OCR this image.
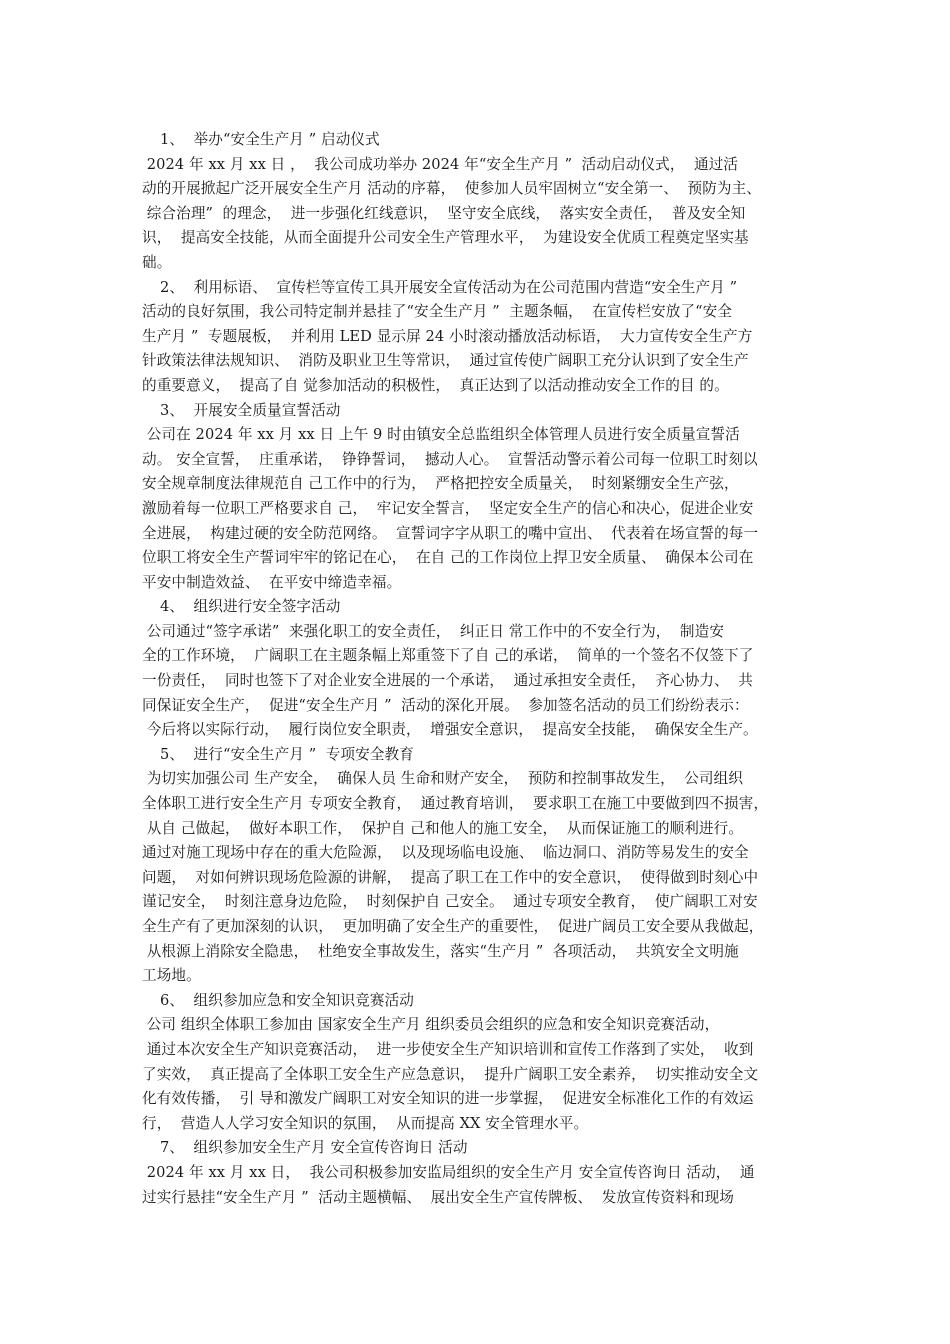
1、  举办“安全生产月 ” 启动仪式
2024 年 xx 月 xx 日 ，  我公司成功举办 2024 年“安全生产月 ”  活动启动仪式，  通过活
动的开展掀起广泛开展安全生产月 活动的序幕，  使参加人员牢固树立“安全第一、  预防为主、
综合治理”  的理念，  进一步强化红线意识，  坚守安全底线，  落实安全责任，  普及安全知
识，  提高安全技能，从而全面提升公司安全生产管理水平，  为建设安全优质工程奠定坚实基
础。
2、  利用标语、  宣传栏等宣传工具开展安全宣传活动为在公司范围内营造“安全生产月 ”
活动的良好氛围，我公司特定制并悬挂了“安全生产月 ”  主题条幅，  在宣传栏安放了“安全
生产月 ”  专题展板，  并利用 LED 显示屏 24 小时滚动播放活动标语，  大力宣传安全生产方
针政策法律法规知识、  消防及职业卫生等常识，  通过宣传使广阔职工充分认识到了安全生产
的重要意义，  提高了自 觉参加活动的积极性，  真正达到了以活动推动安全工作的目 的。
3、  开展安全质量宣誓活动
公司在 2024 年 xx 月 xx 日 上午 9 时由镇安全总监组织全体管理人员进行安全质量宣誓活
动。 安全宣誓，  庄重承诺，  铮铮誓词，  撼动人心。  宣誓活动警示着公司每一位职工时刻以
安全规章制度法律规范自 己工作中的行为，  严格把控安全质量关，  时刻紧绷安全生产弦，
激励着每一位职工严格要求自 己，  牢记安全誓言，  坚定安全生产的信心和决心，促进企业安
全进展，  构建过硬的安全防范网络。  宣誓词字字从职工的嘴中宣出、  代表着在场宣誓的每一
位职工将安全生产誓词牢牢的铭记在心，  在自 己的工作岗位上捍卫安全质量、  确保本公司在
平安中制造效益、  在平安中缔造幸福。
4、  组织进行安全签字活动
公司通过“签字承诺”  来强化职工的安全责任，  纠正日 常工作中的不安全行为，  制造安
全的工作环境，  广阔职工在主题条幅上郑重签下了自 己的承诺，  简单的一个签名不仅签下了
一份责任，  同时也签下了对企业安全进展的一个承诺，  通过承担安全责任，  齐心协力、  共
同保证安全生产，  促进“安全生产月 ”  活动的深化开展。  参加签名活动的员工们纷纷表示：
今后将以实际行动，  履行岗位安全职责，  增强安全意识，  提高安全技能，  确保安全生产。
5、  进行“安全生产月 ”  专项安全教育
为切实加强公司 生产安全，  确保人员 生命和财产安全，  预防和控制事故发生，  公司组织
全体职工进行安全生产月 专项安全教育，  通过教育培训，  要求职工在施工中要做到四不损害，
从自 己做起，  做好本职工作，  保护自 己和他人的施工安全，  从而保证施工的顺利进行。
通过对施工现场中存在的重大危险源，  以及现场临电设施、  临边洞口、消防等易发生的安全
问题，  对如何辨识现场危险源的讲解，  提高了职工在工作中的安全意识，  使得做到时刻心中
谨记安全，  时刻注意身边危险，  时刻保护自 己安全。  通过专项安全教育，  使广阔职工对安
全生产有了更加深刻的认识，  更加明确了安全生产的重要性，  促进广阔员工安全要从我做起，
从根源上消除安全隐患，  杜绝安全事故发生，落实“生产月 ”  各项活动，  共筑安全文明施
工场地。
6、  组织参加应急和安全知识竞赛活动
公司 组织全体职工参加由 国家安全生产月 组织委员会组织的应急和安全知识竞赛活动，
通过本次安全生产知识竞赛活动，  进一步使安全生产知识培训和宣传工作落到了实处，  收到
了实效，  真正提高了全体职工安全生产应急意识，  提升广阔职工安全素养，  切实推动安全文
化有效传播，  引 导和激发广阔职工对安全知识的进一步掌握，  促进安全标准化工作的有效运
行，  营造人人学习安全知识的氛围，  从而提高 XX 安全管理水平。
7、  组织参加安全生产月 安全宣传咨询日 活动
2024 年 xx 月 xx 日，  我公司积极参加安监局组织的安全生产月 安全宣传咨询日 活动，  通
过实行悬挂“安全生产月 ”  活动主题横幅、  展出安全生产宣传牌板、  发放宣传资料和现场
